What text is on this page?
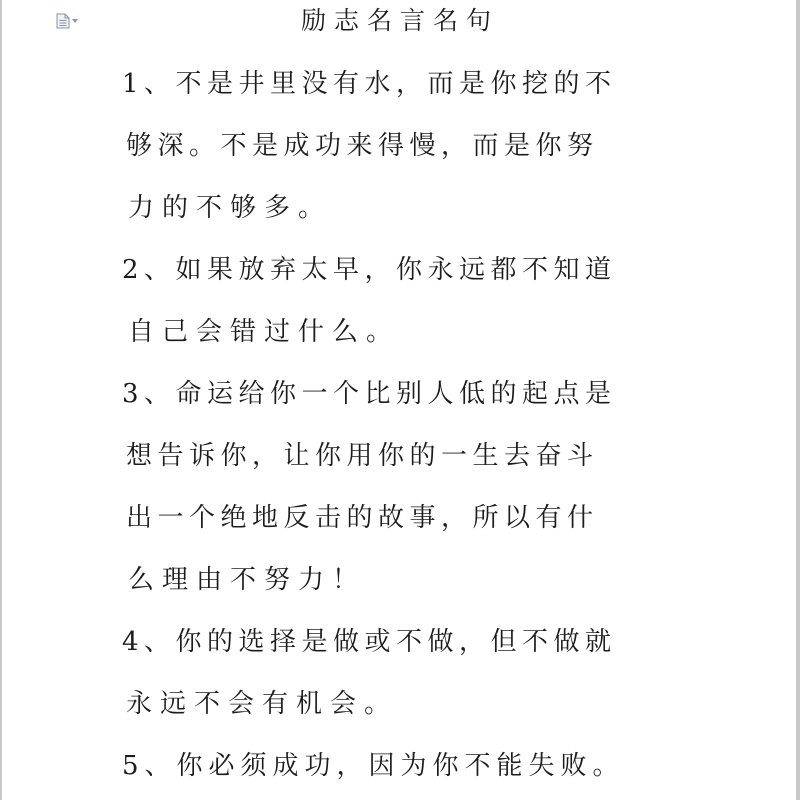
励志名言名句
1、不是井里没有水，而是你挖的不
够深。不是成功来得慢，而是你努
力的不够多。
2、如果放弃太早，你永远都不知道
自己会错过什么。
3、命运给你一个比别人低的起点是
想告诉你，让你用你的一生去奋斗
出一个绝地反击的故事，所以有什
么理由不努力！
4、你的选择是做或不做，但不做就
永远不会有机会。
5、你必须成功，因为你不能失败。
